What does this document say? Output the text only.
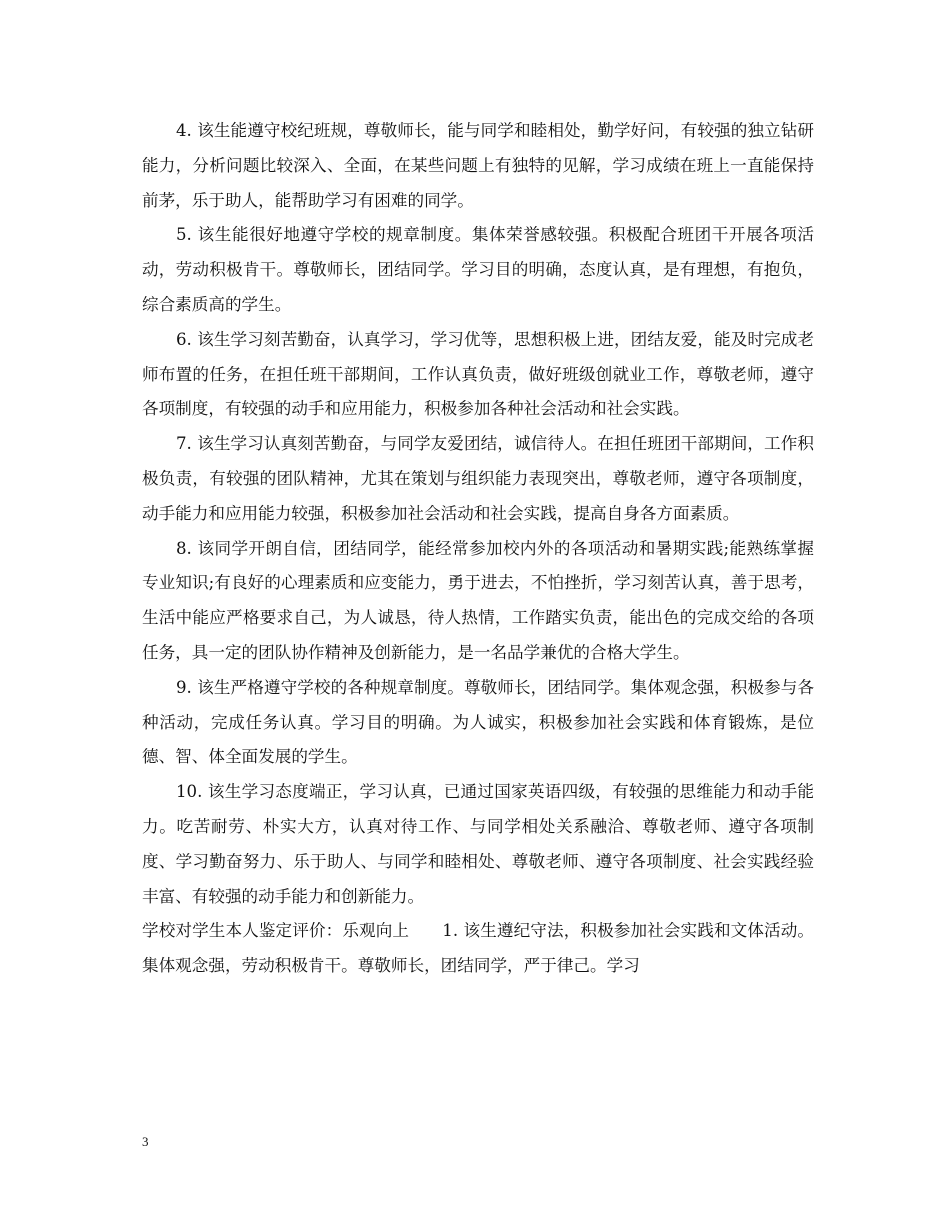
4. 该生能遵守校纪班规，尊敬师长，能与同学和睦相处，勤学好问，有较强的独立钻研能力，分析问题比较深入、全面，在某些问题上有独特的见解，学习成绩在班上一直能保持前茅，乐于助人，能帮助学习有困难的同学。

5. 该生能很好地遵守学校的规章制度。集体荣誉感较强。积极配合班团干开展各项活动，劳动积极肯干。尊敬师长，团结同学。学习目的明确，态度认真，是有理想，有抱负，综合素质高的学生。

6. 该生学习刻苦勤奋，认真学习，学习优等，思想积极上进，团结友爱，能及时完成老师布置的任务，在担任班干部期间，工作认真负责，做好班级创就业工作，尊敬老师，遵守各项制度，有较强的动手和应用能力，积极参加各种社会活动和社会实践。

7. 该生学习认真刻苦勤奋，与同学友爱团结，诚信待人。在担任班团干部期间，工作积极负责，有较强的团队精神，尤其在策划与组织能力表现突出，尊敬老师，遵守各项制度，动手能力和应用能力较强，积极参加社会活动和社会实践，提高自身各方面素质。

8. 该同学开朗自信，团结同学，能经常参加校内外的各项活动和暑期实践;能熟练掌握专业知识;有良好的心理素质和应变能力，勇于进去，不怕挫折，学习刻苦认真，善于思考，生活中能应严格要求自己，为人诚恳，待人热情，工作踏实负责，能出色的完成交给的各项任务，具一定的团队协作精神及创新能力，是一名品学兼优的合格大学生。

9. 该生严格遵守学校的各种规章制度。尊敬师长，团结同学。集体观念强，积极参与各种活动，完成任务认真。学习目的明确。为人诚实，积极参加社会实践和体育锻炼，是位德、智、体全面发展的学生。

10. 该生学习态度端正，学习认真，已通过国家英语四级，有较强的思维能力和动手能力。吃苦耐劳、朴实大方，认真对待工作、与同学相处关系融洽、尊敬老师、遵守各项制度、学习勤奋努力、乐于助人、与同学和睦相处、尊敬老师、遵守各项制度、社会实践经验丰富、有较强的动手能力和创新能力。

学校对学生本人鉴定评价：乐观向上   1. 该生遵纪守法，积极参加社会实践和文体活动。集体观念强，劳动积极肯干。尊敬师长，团结同学，严于律己。学习

3
